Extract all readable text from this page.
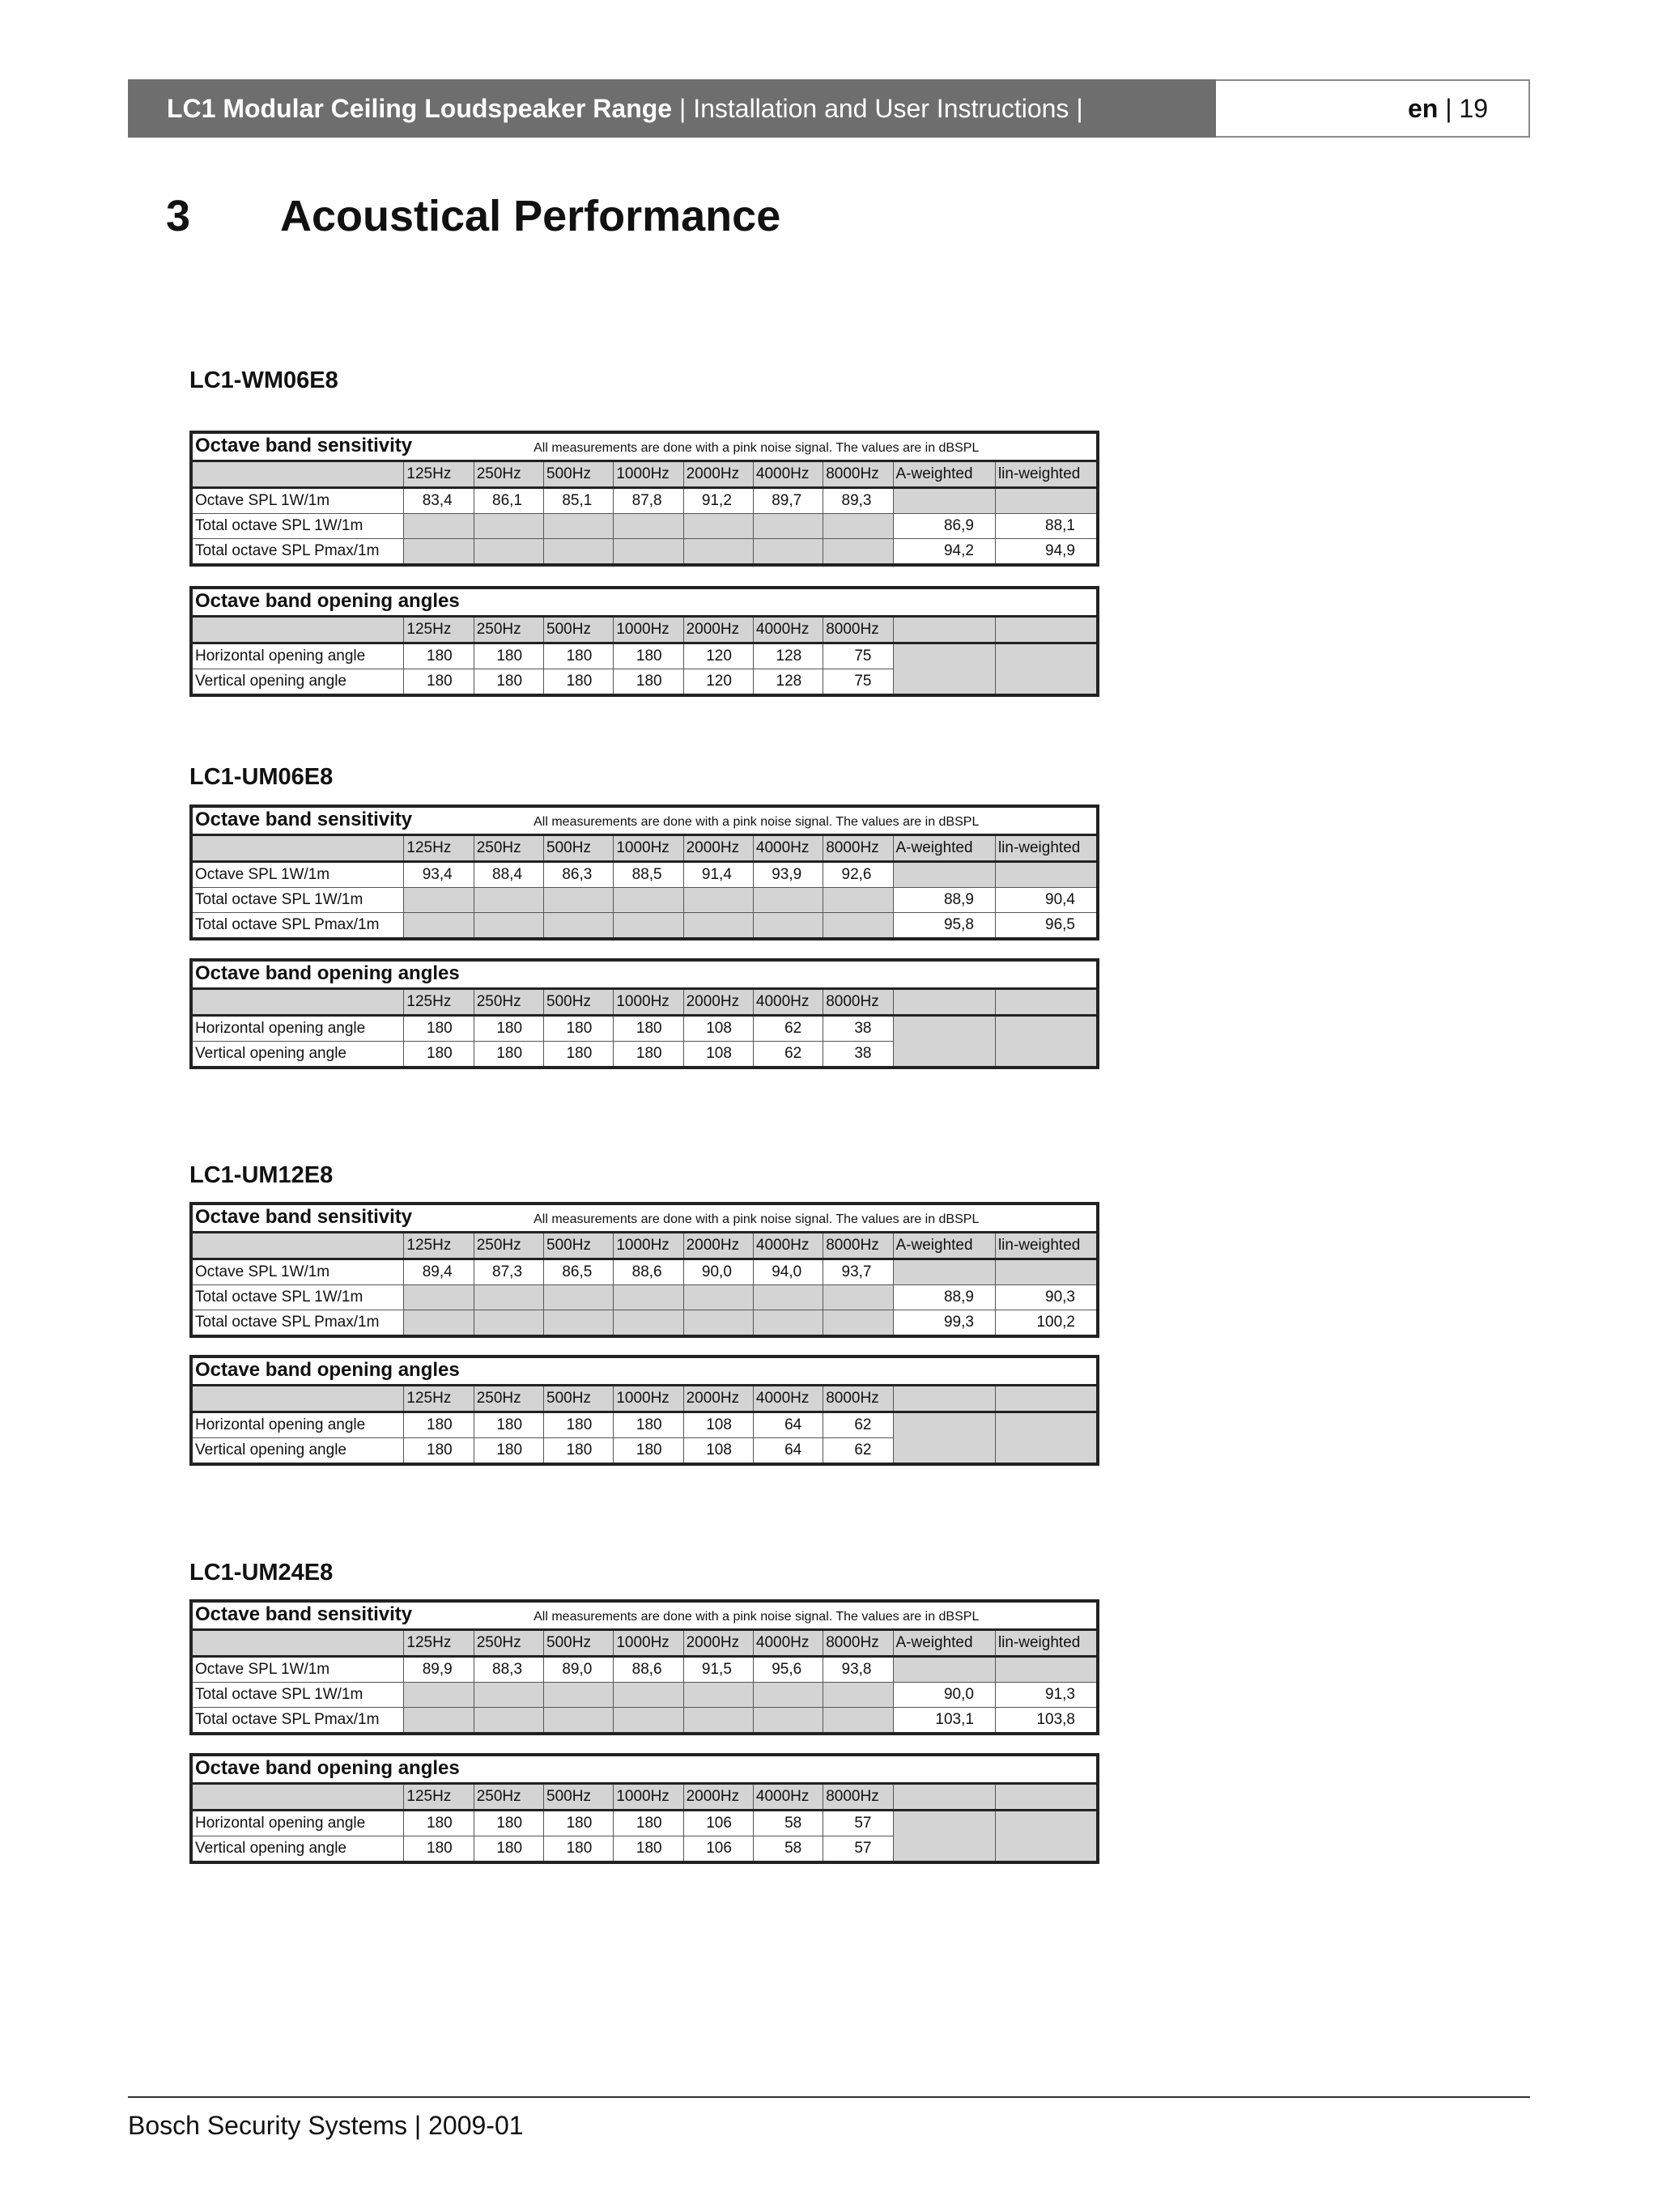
LC1 Modular Ceiling Loudspeaker Range
| Installation and User Instructions |	en
| 19
3 Acoustical Performance
LC1-WM06E8
Octave band sensitivity All measurements are done with a pink noise signal. The values are in dBSPL									
	125Hz	250Hz	500Hz	1000Hz	2000Hz	4000Hz	8000Hz	A-weighted	lin-weighted
Octave SPL 1W/1m	83,4	86,1	85,1	87,8	91,2	89,7	89,3		
Total octave SPL 1W/1m								86,9	88,1
Total octave SPL Pmax/1m								94,2	94,9
Octave band opening angles									
	125Hz	250Hz	500Hz	1000Hz	2000Hz	4000Hz	8000Hz		
Horizontal opening angle	180	180	180	180	120	128	75		
Vertical opening angle	180	180	180	180	120	128	75		
LC1-UM06E8
Octave band sensitivity All measurements are done with a pink noise signal. The values are in dBSPL									
	125Hz	250Hz	500Hz	1000Hz	2000Hz	4000Hz	8000Hz	A-weighted	lin-weighted
Octave SPL 1W/1m	93,4	88,4	86,3	88,5	91,4	93,9	92,6		
Total octave SPL 1W/1m								88,9	90,4
Total octave SPL Pmax/1m								95,8	96,5
Octave band opening angles									
	125Hz	250Hz	500Hz	1000Hz	2000Hz	4000Hz	8000Hz		
Horizontal opening angle	180	180	180	180	108	62	38		
Vertical opening angle	180	180	180	180	108	62	38		
LC1-UM12E8
Octave band sensitivity All measurements are done with a pink noise signal. The values are in dBSPL									
	125Hz	250Hz	500Hz	1000Hz	2000Hz	4000Hz	8000Hz	A-weighted	lin-weighted
Octave SPL 1W/1m	89,4	87,3	86,5	88,6	90,0	94,0	93,7		
Total octave SPL 1W/1m								88,9	90,3
Total octave SPL Pmax/1m								99,3	100,2
Octave band opening angles									
	125Hz	250Hz	500Hz	1000Hz	2000Hz	4000Hz	8000Hz		
Horizontal opening angle	180	180	180	180	108	64	62		
Vertical opening angle	180	180	180	180	108	64	62		
LC1-UM24E8
Octave band sensitivity All measurements are done with a pink noise signal. The values are in dBSPL									
	125Hz	250Hz	500Hz	1000Hz	2000Hz	4000Hz	8000Hz	A-weighted	lin-weighted
Octave SPL 1W/1m	89,9	88,3	89,0	88,6	91,5	95,6	93,8		
Total octave SPL 1W/1m								90,0	91,3
Total octave SPL Pmax/1m								103,1	103,8
Octave band opening angles									
	125Hz	250Hz	500Hz	1000Hz	2000Hz	4000Hz	8000Hz		
Horizontal opening angle	180	180	180	180	106	58	57		
Vertical opening angle	180	180	180	180	106	58	57		
Bosch Security Systems | 2009-01
